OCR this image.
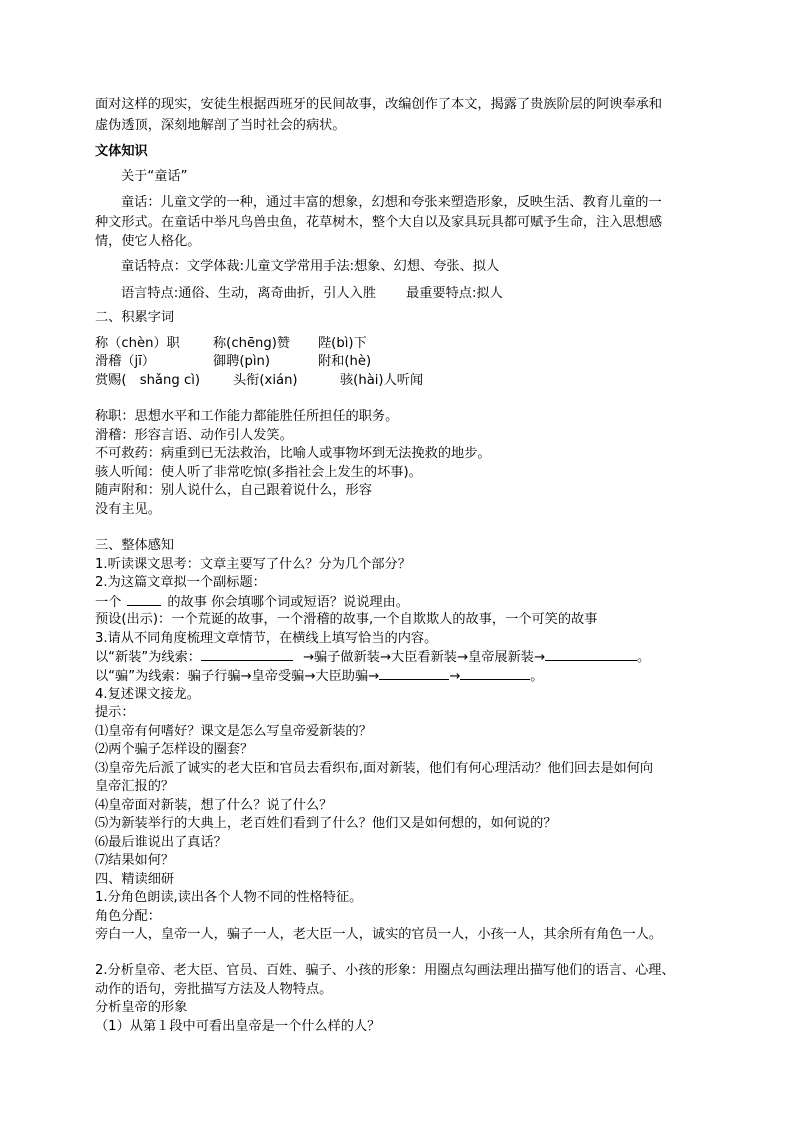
面对这样的现实，安徒生根据西班牙的民间故事，改编创作了本文，揭露了贵族阶层的阿谀奉承和
虚伪透顶，深刻地解剖了当时社会的病状。
文体知识
关于“童话”
童话：儿童文学的一种，通过丰富的想象，幻想和夸张来塑造形象，反映生活、教育儿童的一
种文形式。在童话中举凡鸟兽虫鱼，花草树木，整个大自以及家具玩具都可赋予生命，注入思想感
情，使它人格化。
童话特点：文学体裁:儿童文学常用手法:想象、幻想、夸张、拟人
语言特点:通俗、生动，离奇曲折，引人入胜 最重要特点:拟人
二、积累字词
称（chèn）职	称(chēng)赞 陛(bì)下
滑稽（jī）	御聘(pìn)	附和(hè)
赏赐(　shǎng cì)	头衔(xián)	骇(hài)人听闻
称职：思想水平和工作能力都能胜任所担任的职务。
滑稽：形容言语、动作引人发笑。
不可救药：病重到已无法救治，比喻人或事物坏到无法挽救的地步。
骇人听闻：使人听了非常吃惊(多指社会上发生的坏事)。
随声附和：别人说什么，自己跟着说什么，形容
没有主见。
三、整体感知
1.听读课文思考：文章主要写了什么？分为几个部分？
2.为这篇文章拟一个副标题：
一个	的故事 你会填哪个词或短语？说说理由。
预设(出示)：一个荒诞的故事，一个滑稽的故事,一个自欺欺人的故事，一个可笑的故事
3.请从不同角度梳理文章情节，在横线上填写恰当的内容。
以“新装”为线索：	→骗子做新装→大臣看新装→皇帝展新装→	。
以“骗”为线索：骗子行骗→皇帝受骗→大臣助骗→	→	。
4.复述课文接龙。
提示：
⑴皇帝有何嗜好？课文是怎么写皇帝爱新装的？
⑵两个骗子怎样设的圈套？
⑶皇帝先后派了诚实的老大臣和官员去看织布,面对新装，他们有何心理活动？他们回去是如何向
皇帝汇报的？
⑷皇帝面对新装，想了什么？说了什么？
⑸为新装举行的大典上，老百姓们看到了什么？他们又是如何想的，如何说的？
⑹最后谁说出了真话？
⑺结果如何？
四、精读细研
1.分角色朗读,读出各个人物不同的性格特征。
角色分配：
旁白一人，皇帝一人，骗子一人，老大臣一人，诚实的官员一人，小孩一人，其余所有角色一人。
2.分析皇帝、老大臣、官员、百姓、骗子、小孩的形象：用圈点勾画法理出描写他们的语言、心理、
动作的语句，旁批描写方法及人物特点。
分析皇帝的形象
（1）从第１段中可看出皇帝是一个什么样的人？
